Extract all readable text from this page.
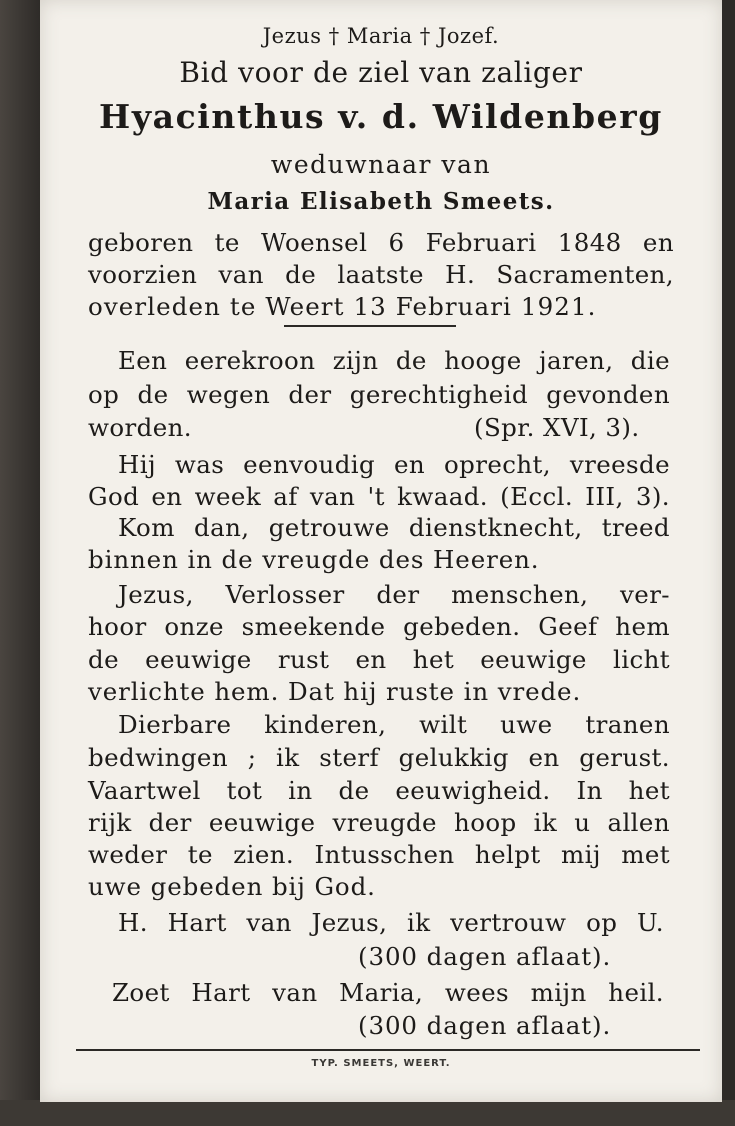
Jezus † Maria † Jozef.
Bid voor de ziel van zaliger
Hyacinthus v. d. Wildenberg
weduwnaar van
Maria Elisabeth Smeets.
geboren te Woensel 6 Februari 1848 en
voorzien van de laatste H. Sacramenten,
overleden te Weert 13 Februari 1921.
Een eerekroon zijn de hooge jaren, die
op de wegen der gerechtigheid gevonden
worden.	(Spr. XVI, 3).
Hij was eenvoudig en oprecht, vreesde
God en week af van 't kwaad. (Eccl. III, 3).
Kom dan, getrouwe dienstknecht, treed
binnen in de vreugde des Heeren.
Jezus, Verlosser der menschen, ver-
hoor onze smeekende gebeden. Geef hem
de eeuwige rust en het eeuwige licht
verlichte hem. Dat hij ruste in vrede.
Dierbare kinderen, wilt uwe tranen
bedwingen ; ik sterf gelukkig en gerust.
Vaartwel tot in de eeuwigheid. In het
rijk der eeuwige vreugde hoop ik u allen
weder te zien. Intusschen helpt mij met
uwe gebeden bij God.
H. Hart van Jezus, ik vertrouw op U.
(300 dagen aflaat).
Zoet Hart van Maria, wees mijn heil.
(300 dagen aflaat).
TYP. SMEETS, WEERT.
